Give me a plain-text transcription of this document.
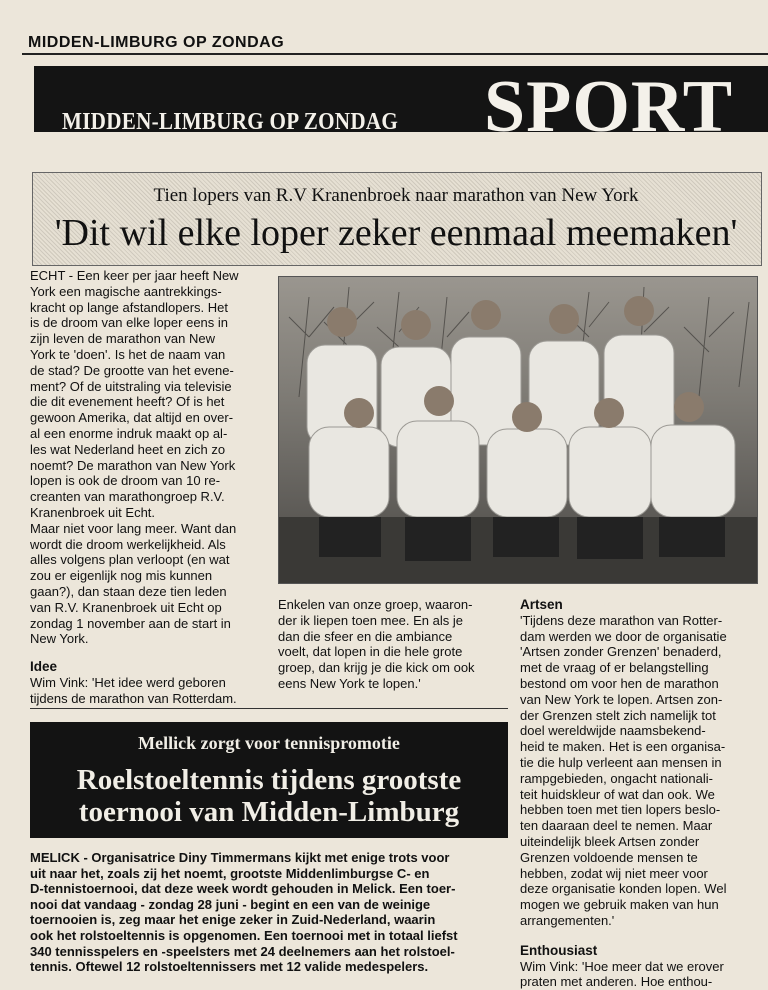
MIDDEN-LIMBURG OP ZONDAG
MIDDEN-LIMBURG OP ZONDAG SPORT
Tien lopers van R.V Kranenbroek naar marathon van New York
'Dit wil elke loper zeker eenmaal meemaken'

ECHT - Een keer per jaar heeft New

York een magische aantrekkings-

kracht op lange afstandlopers. Het

is de droom van elke loper eens in

zijn leven de marathon van New

York te 'doen'. Is het de naam van

de stad? De grootte van het evene-

ment? Of de uitstraling via televisie

die dit evenement heeft? Of is het

gewoon Amerika, dat altijd en over-

al een enorme indruk maakt op al-

les wat Nederland heet en zich zo

noemt? De marathon van New York

lopen is ook de droom van 10 re-

creanten van marathongroep R.V.

Kranenbroek uit Echt.

Maar niet voor lang meer. Want dan

wordt die droom werkelijkheid. Als

alles volgens plan verloopt (en wat

zou er eigenlijk nog mis kunnen

gaan?), dan staan deze tien leden

van R.V. Kranenbroek uit Echt op

zondag 1 november aan de start in

New York.

Idee

Wim Vink: 'Het idee werd geboren

tijdens de marathon van Rotterdam.

Enkelen van onze groep, waaron-

der ik liepen toen mee. En als je

dan die sfeer en die ambiance

voelt, dat lopen in die hele grote

groep, dan krijg je die kick om ook

eens New York te lopen.'

Artsen

'Tijdens deze marathon van Rotter-

dam werden we door de organisatie

'Artsen zonder Grenzen' benaderd,

met de vraag of er belangstelling

bestond om voor hen de marathon

van New York te lopen. Artsen zon-

der Grenzen stelt zich namelijk tot

doel wereldwijde naamsbekend-

heid te maken. Het is een organisa-

tie die hulp verleent aan mensen in

rampgebieden, ongacht nationali-

teit huidskleur of wat dan ook. We

hebben toen met tien lopers beslo-

ten daaraan deel te nemen. Maar

uiteindelijk bleek Artsen zonder

Grenzen voldoende mensen te

hebben, zodat wij niet meer voor

deze organisatie konden lopen. Wel

mogen we gebruik maken van hun

arrangementen.'

Enthousiast

Wim Vink: 'Hoe meer dat we erover

praten met anderen. Hoe enthou-

Mellick zorgt voor tennispromotie
Roelstoeltennis tijdens grootste
toernooi van Midden-Limburg

MELICK - Organisatrice Diny Timmermans kijkt met enige trots voor

uit naar het, zoals zij het noemt, grootste Middenlimburgse C- en

D-tennistoernooi, dat deze week wordt gehouden in Melick. Een toer-

nooi dat vandaag - zondag 28 juni - begint en een van de weinige

toernooien is, zeg maar het enige zeker in Zuid-Nederland, waarin

ook het rolstoeltennis is opgenomen. Een toernooi met in totaal liefst

340 tennisspelers en -speelsters met 24 deelnemers aan het rolstoel-

tennis. Oftewel 12 rolstoeltennissers met 12 valide medespelers.
